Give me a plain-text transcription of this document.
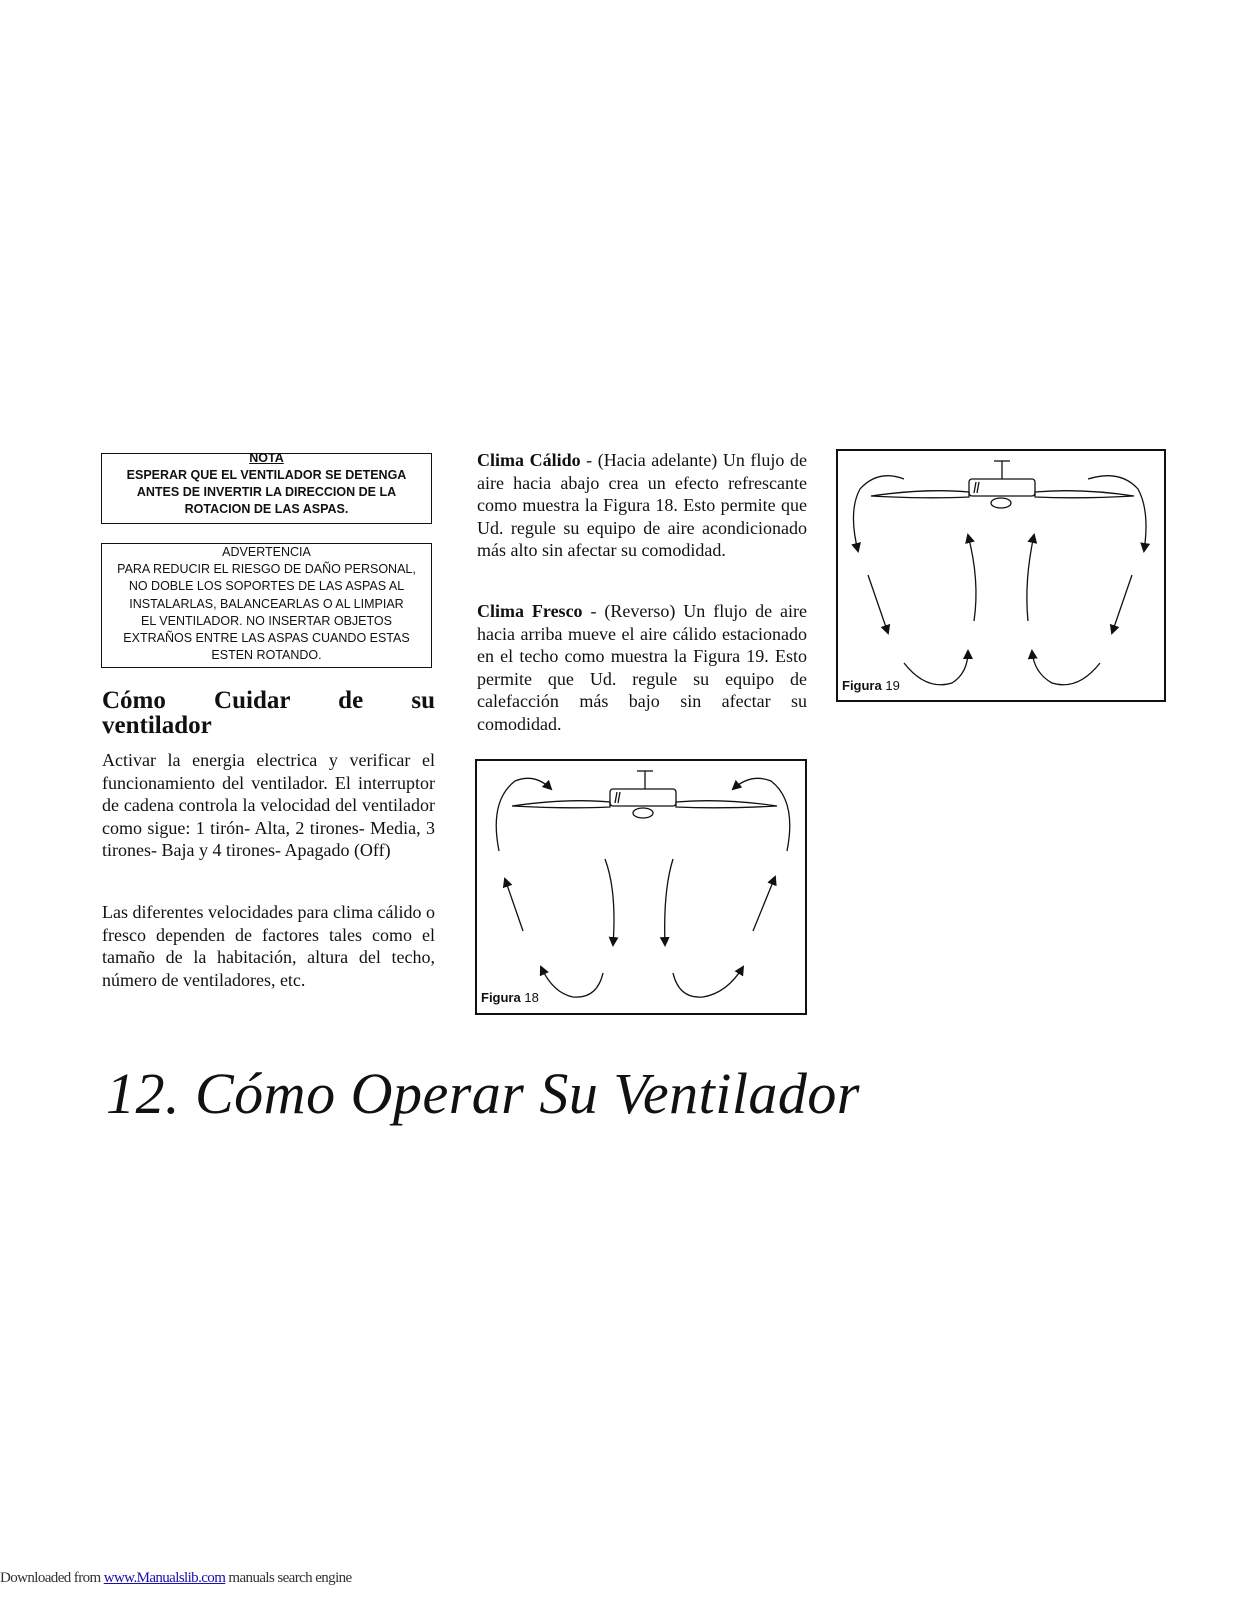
NOTA
ESPERAR QUE EL VENTILADOR SE DETENGA
ANTES DE INVERTIR LA DIRECCION DE LA
ROTACION DE LAS ASPAS.
ADVERTENCIA
PARA REDUCIR EL RIESGO DE DAÑO PERSONAL,
NO DOBLE LOS SOPORTES DE LAS ASPAS AL
INSTALARLAS, BALANCEARLAS O AL LIMPIAR
EL VENTILADOR. NO INSERTAR OBJETOS
EXTRAÑOS ENTRE LAS ASPAS CUANDO ESTAS
ESTEN ROTANDO.
Cómo Cuidar de su
ventilador
Activar la energia electrica y verificar el funcionamiento del ventilador. El interruptor de cadena controla la velocidad del ventilador como sigue: 1 tirón- Alta, 2 tirones- Media, 3 tirones- Baja y 4 tirones- Apagado (Off)
Las diferentes velocidades para clima cálido o fresco dependen de factores tales como el tamaño de la habitación, altura del techo, número de ventiladores, etc.
Clima Cálido - (Hacia adelante) Un flujo de aire hacia abajo crea un efecto refrescante como muestra la Figura 18. Esto permite que Ud. regule su equipo de aire acondicionado más alto sin afectar su comodidad.
Clima Fresco - (Reverso) Un flujo de aire hacia arriba mueve el aire cálido estacionado en el techo como muestra la Figura 19. Esto permite que Ud. regule su equipo de calefacción más bajo sin afectar su comodidad.
Figura 18
Figura 19
12. Cómo Operar Su Ventilador
Downloaded from www.Manualslib.com manuals search engine
